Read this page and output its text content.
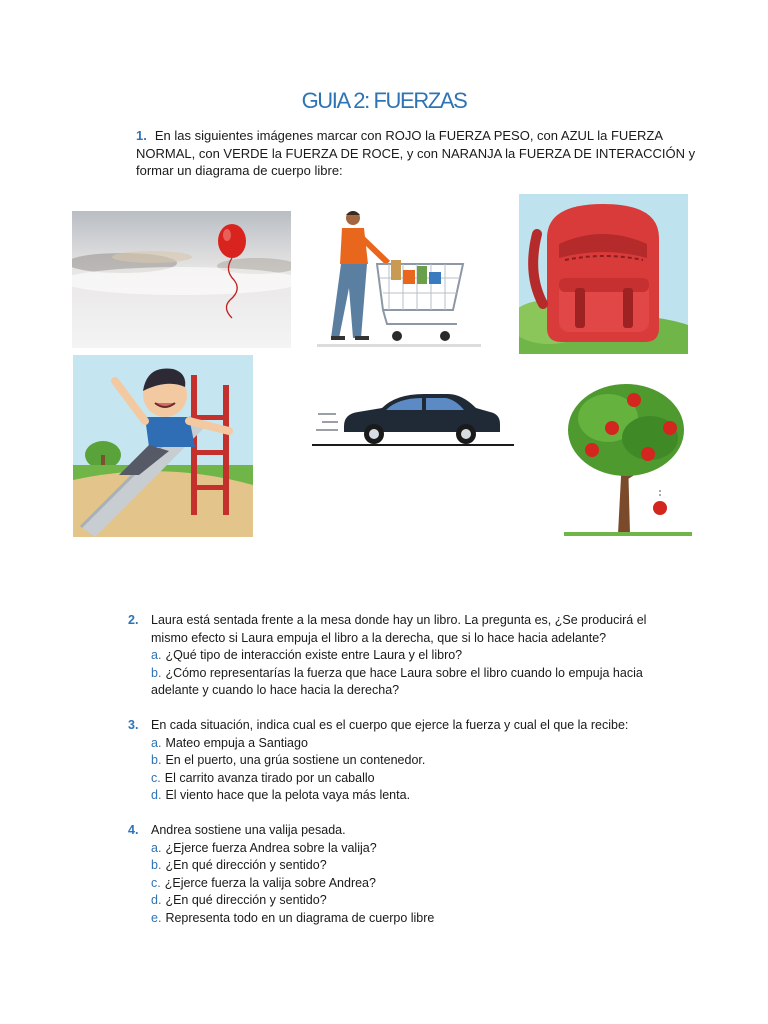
GUIA 2: FUERZAS
1. En las siguientes imágenes marcar con ROJO la FUERZA PESO, con AZUL la FUERZA NORMAL, con VERDE la FUERZA DE ROCE, y con NARANJA la FUERZA DE INTERACCIÓN y formar un diagrama de cuerpo libre:
2.	Laura está sentada frente a la mesa donde hay un libro. La pregunta es, ¿Se producirá el
mismo efecto si Laura empuja el libro a la derecha, que si lo hace hacia adelante?
a. ¿Qué tipo de interacción existe entre Laura y el libro?
b. ¿Cómo representarías la fuerza que hace Laura sobre el libro cuando lo empuja hacia
adelante y cuando lo hace hacia la derecha?
3.	En cada situación, indica cual es el cuerpo que ejerce la fuerza y cual el que la recibe:
a. Mateo empuja a Santiago
b. En el puerto, una grúa sostiene un contenedor.
c. El carrito avanza tirado por un caballo
d. El viento hace que la pelota vaya más lenta.
4.	Andrea sostiene una valija pesada.
a. ¿Ejerce fuerza Andrea sobre la valija?
b. ¿En qué dirección y sentido?
c. ¿Ejerce fuerza la valija sobre Andrea?
d. ¿En qué dirección y sentido?
e. Representa todo en un diagrama de cuerpo libre
